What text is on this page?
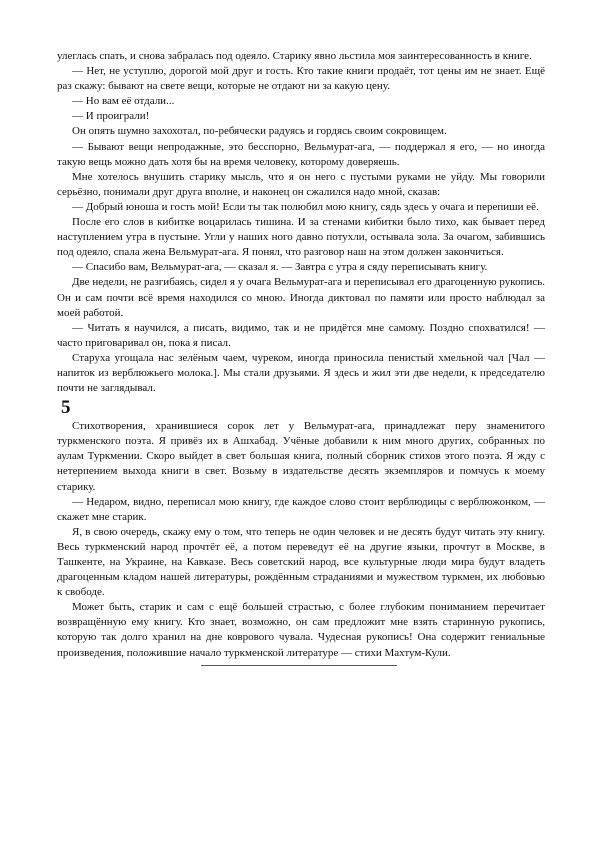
улеглась спать, и снова забралась под одеяло. Старику явно льстила моя заинтересованность в книге.

— Нет, не уступлю, дорогой мой друг и гость. Кто такие книги продаёт, тот цены им не знает. Ещё раз скажу: бывают на свете вещи, которые не отдают ни за какую цену.

— Но вам её отдали...

— И проиграли!

Он опять шумно захохотал, по-ребячески радуясь и гордясь своим сокровищем.

— Бывают вещи непродажные, это бесспорно, Вельмурат-ага, — поддержал я его, — но иногда такую вещь можно дать хотя бы на время человеку, которому доверяешь.

Мне хотелось внушить старику мысль, что я он него с пустыми руками не уйду. Мы говорили серьёзно, понимали друг друга вполне, и наконец он сжалился надо мной, сказав:

— Добрый юноша и гость мой! Если ты так полюбил мою книгу, сядь здесь у очага и перепиши её.

После его слов в кибитке воцарилась тишина. И за стенами кибитки было тихо, как бывает перед наступлением утра в пустыне. Угли у наших ного давно потухли, остывала зола. За очагом, забившись под одеяло, спала жена Вельмурат-ага. Я понял, что разговор наш на этом должен закончиться.

— Спасибо вам, Вельмурат-ага, — сказал я. — Завтра с утра я сяду переписывать книгу.

Две недели, не разгибаясь, сидел я у очага Вельмурат-ага и переписывал его драгоценную рукопись. Он и сам почти всё время находился со мною. Иногда диктовал по памяти или просто наблюдал за моей работой.

— Читать я научился, а писать, видимо, так и не придётся мне самому. Поздно спохватился! — часто приговаривал он, пока я писал.

Старуха угощала нас зелёным чаем, чуреком, иногда приносила пенистый хмельной чал [Чал — напиток из верблюжьего молока.]. Мы стали друзьями. Я здесь и жил эти две недели, к председателю почти не заглядывал.

5

Стихотворения, хранившиеся сорок лет у Вельмурат-ага, принадлежат перу знаменитого туркменского поэта. Я привёз их в Ашхабад. Учёные добавили к ним много других, собранных по аулам Туркмении. Скоро выйдет в свет большая книга, полный сборник стихов этого поэта. Я жду с нетерпением выхода книги в свет. Возьму в издательстве десять экземпляров и помчусь к моему старику.

— Недаром, видно, переписал мою книгу, где каждое слово стоит верблюдицы с верблюжонком, — скажет мне старик.

Я, в свою очередь, скажу ему о том, что теперь не один человек и не десять будут читать эту книгу. Весь туркменский народ прочтёт её, а потом переведут её на другие языки, прочтут в Москве, в Ташкенте, на Украине, на Кавказе. Весь советский народ, все культурные люди мира будут владеть драгоценным кладом нашей литературы, рождённым страданиями и мужеством туркмен, их любовью к свободе.

Может быть, старик и сам с ещё большей страстью, с более глубоким пониманием перечитает возвращённую ему книгу. Кто знает, возможно, он сам предложит мне взять старинную рукопись, которую так долго хранил на дне коврового чувала. Чудесная рукопись! Она содержит гениальные произведения, положившие начало туркменской литературе — стихи Махтум-Кули.
